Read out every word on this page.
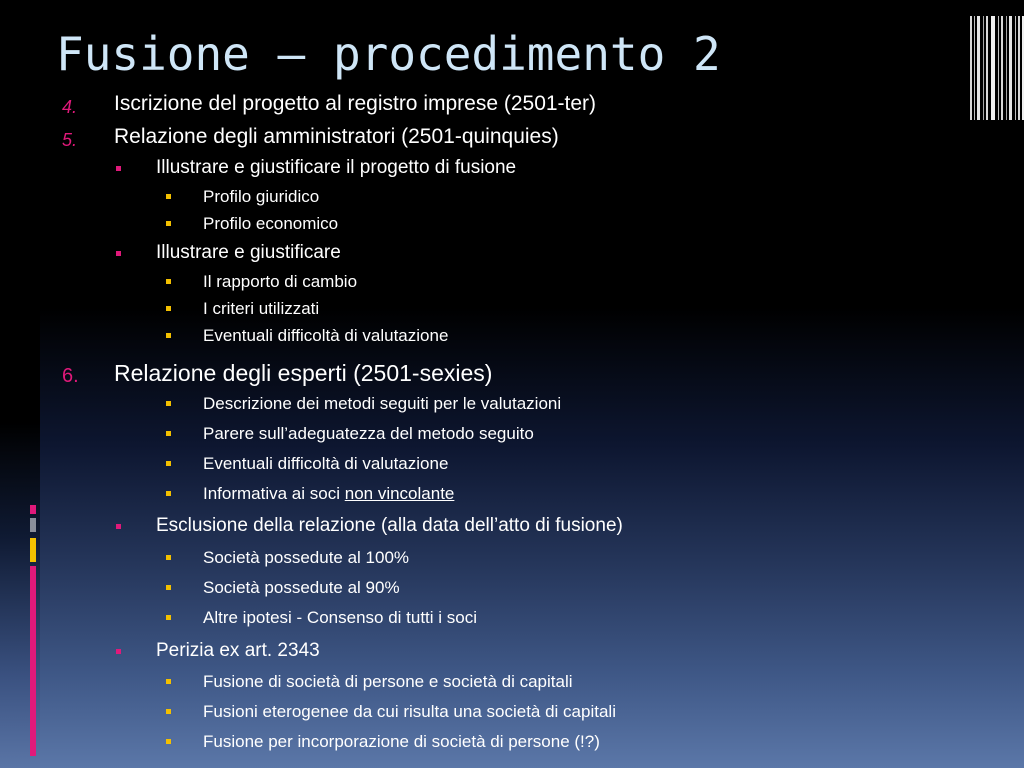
Fusione – procedimento 2
4. Iscrizione del progetto al registro imprese (2501-ter)
5. Relazione degli amministratori (2501-quinquies)
Illustrare e giustificare il progetto di fusione
Profilo giuridico
Profilo economico
Illustrare e giustificare
Il rapporto di cambio
I criteri utilizzati
Eventuali difficoltà di valutazione
6. Relazione degli esperti (2501-sexies)
Descrizione dei metodi seguiti per le valutazioni
Parere sull’adeguatezza del metodo seguito
Eventuali difficoltà di valutazione
Informativa ai soci non vincolante
Esclusione della relazione (alla data dell’atto di fusione)
Società possedute al 100%
Società possedute al 90%
Altre ipotesi - Consenso di tutti i soci
Perizia ex art. 2343
Fusione di società di persone e società di capitali
Fusioni eterogenee da cui risulta una società di capitali
Fusione per incorporazione di società di persone (!?)
